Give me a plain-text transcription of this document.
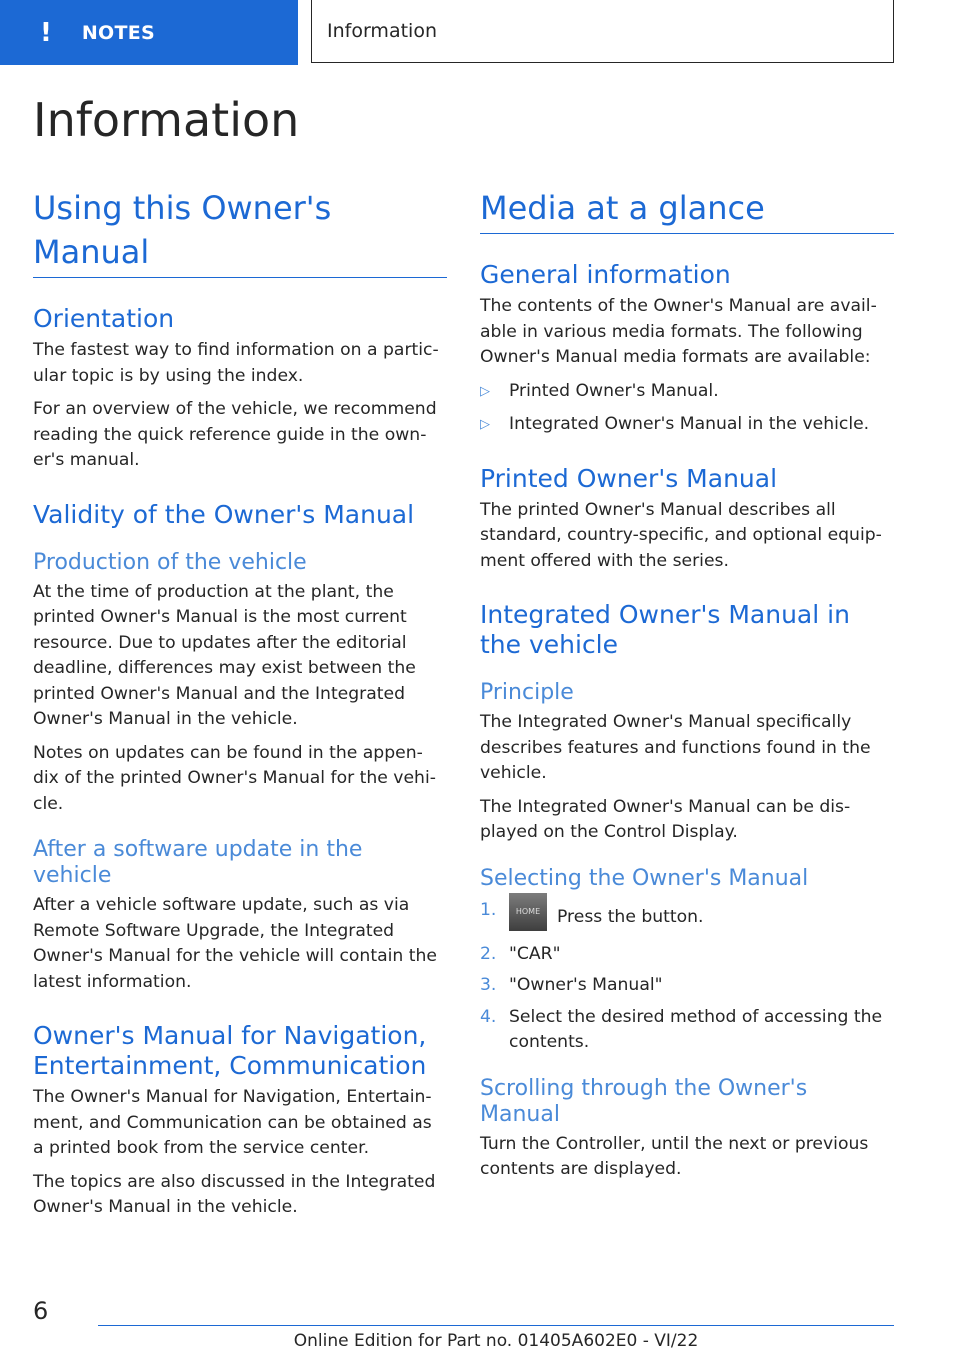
! NOTES	Information
Information
Using this Owner's Manual
Orientation

The fastest way to find information on a partic‐ular topic is by using the index.

For an overview of the vehicle, we recommend reading the quick reference guide in the own‐er's manual.

Validity of the Owner's Manual
Production of the vehicle

At the time of production at the plant, the printed Owner's Manual is the most current resource. Due to updates after the editorial deadline, differences may exist between the printed Owner's Manual and the Integrated Owner's Manual in the vehicle.

Notes on updates can be found in the appen‐dix of the printed Owner's Manual for the vehi‐cle.

After a software update in the vehicle

After a vehicle software update, such as via Remote Software Upgrade, the Integrated Owner's Manual for the vehicle will contain the latest information.

Owner's Manual for Navigation, Entertainment, Communication

The Owner's Manual for Navigation, Entertain‐ment, and Communication can be obtained as a printed book from the service center.

The topics are also discussed in the Integrated Owner's Manual in the vehicle.

Media at a glance
General information

The contents of the Owner's Manual are avail‐able in various media formats. The following Owner's Manual media formats are available:

▷	Printed Owner's Manual.
▷	Integrated Owner's Manual in the vehicle.
Printed Owner's Manual

The printed Owner's Manual describes all standard, country-specific, and optional equip‐ment offered with the series.

Integrated Owner's Manual in the vehicle
Principle

The Integrated Owner's Manual specifically describes features and functions found in the vehicle.

The Integrated Owner's Manual can be dis‐played on the Control Display.

Selecting the Owner's Manual
1.	HOME Press the button.
2. "CAR"
3. "Owner's Manual"
4. Select the desired method of accessing the contents.
Scrolling through the Owner's Manual

Turn the Controller, until the next or previous contents are displayed.

6
Online Edition for Part no. 01405A602E0 - VI/22
